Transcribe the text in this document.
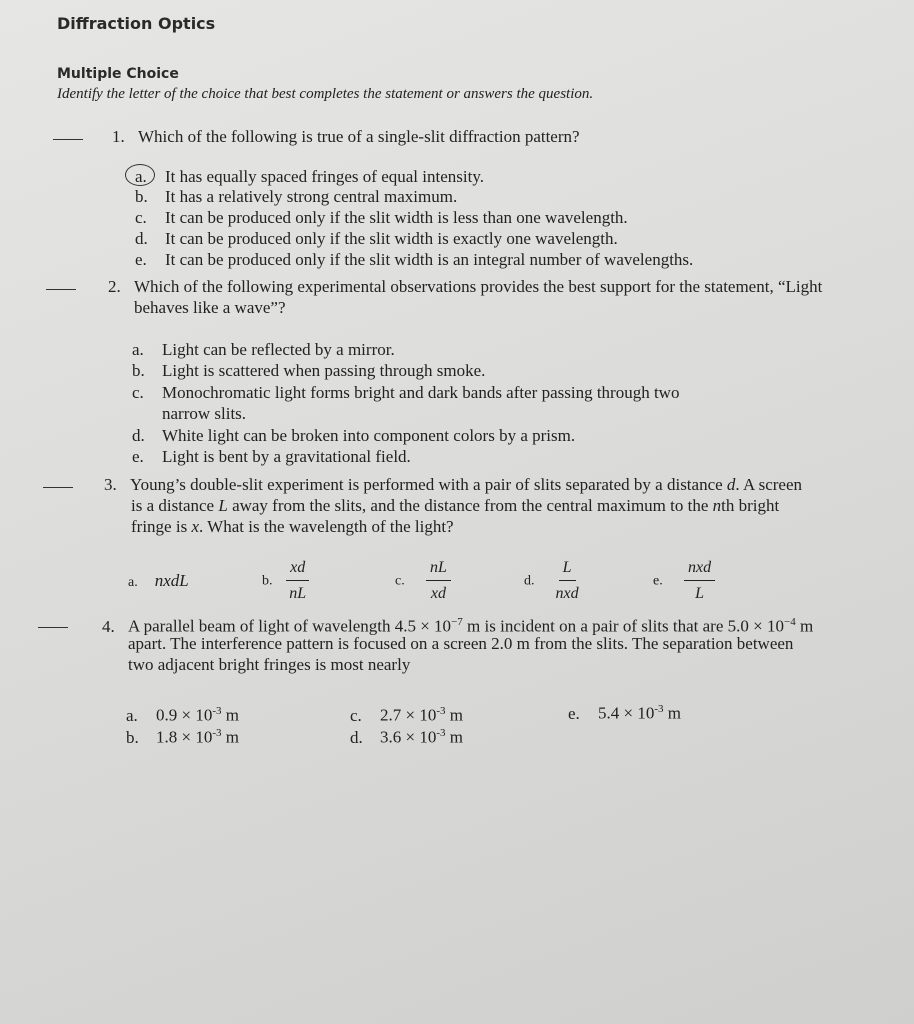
Diffraction Optics
Multiple Choice
Identify the letter of the choice that best completes the statement or answers the question.
1. Which of the following is true of a single-slit diffraction pattern?
a. It has equally spaced fringes of equal intensity.
b. It has a relatively strong central maximum.
c. It can be produced only if the slit width is less than one wavelength.
d. It can be produced only if the slit width is exactly one wavelength.
e. It can be produced only if the slit width is an integral number of wavelengths.
2. Which of the following experimental observations provides the best support for the statement, “Light
behaves like a wave”?
a. Light can be reflected by a mirror.
b. Light is scattered when passing through smoke.
c. Monochromatic light forms bright and dark bands after passing through two
narrow slits.
d. White light can be broken into component colors by a prism.
e. Light is bent by a gravitational field.
3. Young’s double-slit experiment is performed with a pair of slits separated by a distance d. A screen
is a distance L away from the slits, and the distance from the central maximum to the nth bright
fringe is x. What is the wavelength of the light?
a. nxdL	b. $\frac{xd}{nL}$	c. $\frac{nL}{xd}$	d. $\frac{L}{\text{nxd}}$	e. $\frac{\text{nxd}}{L}$
4. A parallel beam of light of wavelength $4.5 \times 10^{-7}$ m is incident on a pair of slits that are $5.0 \times 10^{-4}$ m
apart. The interference pattern is focused on a screen 2.0 m from the slits. The separation between
two adjacent bright fringes is most nearly
a. $0.9 \times 10^{-3}$ m
b. $1.8 \times 10^{-3}$ m
c. $2.7 \times 10^{-3}$ m
d. $3.6 \times 10^{-3}$ m
e. $5.4 \times 10^{-3}$ m
